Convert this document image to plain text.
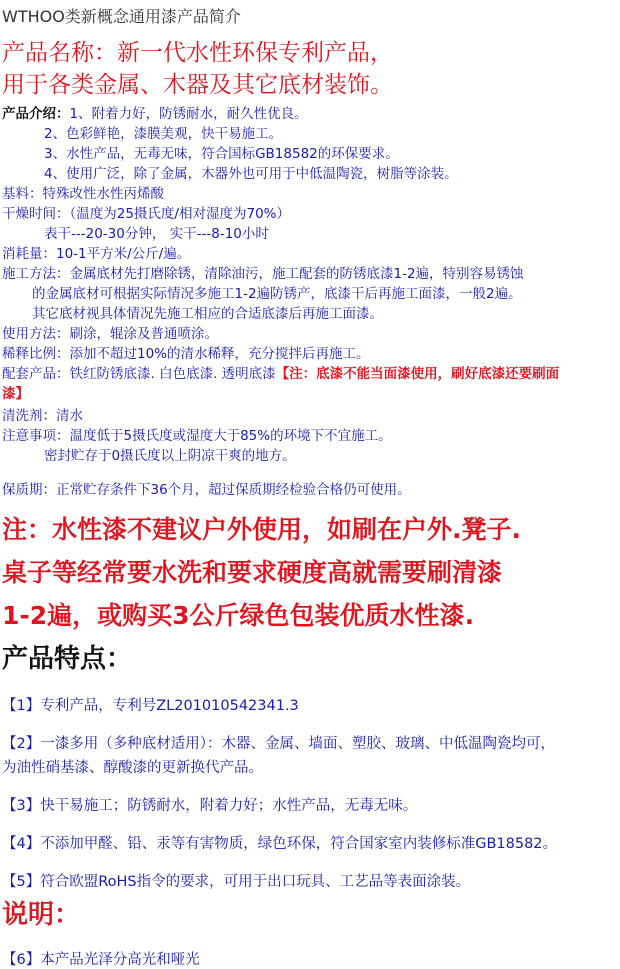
WTHOO类新概念通用漆产品简介
产品名称：新一代水性环保专利产品，
用于各类金属、木器及其它底材装饰。
产品介绍：1、附着力好，防锈耐水，耐久性优良。
2、色彩鲜艳，漆膜美观，快干易施工。
3、水性产品，无毒无味，符合国标GB18582的环保要求。
4、使用广泛，除了金属，木器外也可用于中低温陶瓷，树脂等涂装。
基料：特殊改性水性丙烯酸
干燥时间：（温度为25摄氏度/相对湿度为70%）
表干---20-30分钟， 实干---8-10小时
消耗量：10-1平方米/公斤/遍。
施工方法：金属底材先打磨除锈，清除油污，施工配套的防锈底漆1-2遍，特别容易锈蚀
的金属底材可根据实际情况多施工1-2遍防锈产，底漆干后再施工面漆，一般2遍。
其它底材视具体情况先施工相应的合适底漆后再施工面漆。
使用方法：刷涂，辊涂及普通喷涂。
稀释比例：添加不超过10%的清水稀释，充分搅拌后再施工。
配套产品：铁红防锈底漆. 白色底漆. 透明底漆【注：底漆不能当面漆使用，刷好底漆还要刷面
漆】
清洗剂：清水
注意事项：温度低于5摄氏度或湿度大于85%的环境下不宜施工。
密封贮存于0摄氏度以上阴凉干爽的地方。
保质期：正常贮存条件下36个月，超过保质期经检验合格仍可使用。
注：水性漆不建议户外使用，如刷在户外.凳子.
桌子等经常要水洗和要求硬度高就需要刷清漆
1-2遍，或购买3公斤绿色包装优质水性漆.
产品特点：
【1】专利产品，专利号ZL201010542341.3
【2】一漆多用（多种底材适用）：木器、金属、墙面、塑胶、玻璃、中低温陶瓷均可，
为油性硝基漆、醇酸漆的更新换代产品。
【3】快干易施工；防锈耐水，附着力好；水性产品，无毒无味。
【4】不添加甲醛、铅、汞等有害物质，绿色环保，符合国家室内装修标准GB18582。
【5】符合欧盟RoHS指令的要求，可用于出口玩具、工艺品等表面涂装。
说明：
【6】本产品光泽分高光和哑光
